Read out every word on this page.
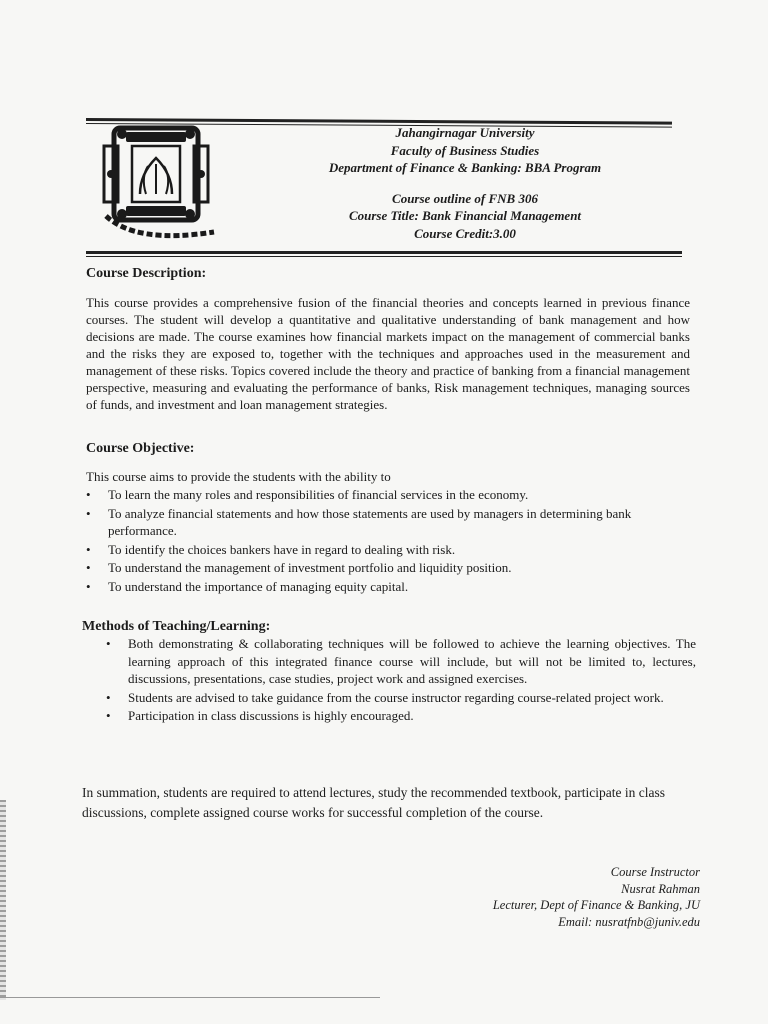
Jahangirnagar University
Faculty of Business Studies
Department of Finance & Banking: BBA Program
Course outline of FNB 306
Course Title: Bank Financial Management
Course Credit:3.00
Course Description:
This course provides a comprehensive fusion of the financial theories and concepts learned in previous finance courses. The student will develop a quantitative and qualitative understanding of bank management and how decisions are made. The course examines how financial markets impact on the management of commercial banks and the risks they are exposed to, together with the techniques and approaches used in the measurement and management of these risks. Topics covered include the theory and practice of banking from a financial management perspective, measuring and evaluating the performance of banks, Risk management techniques, managing sources of funds, and investment and loan management strategies.
Course Objective:
This course aims to provide the students with the ability to
• To learn the many roles and responsibilities of financial services in the economy.
• To analyze financial statements and how those statements are used by managers in determining bank performance.
• To identify the choices bankers have in regard to dealing with risk.
• To understand the management of investment portfolio and liquidity position.
• To understand the importance of managing equity capital.
Methods of Teaching/Learning:
• Both demonstrating & collaborating techniques will be followed to achieve the learning objectives. The learning approach of this integrated finance course will include, but will not be limited to, lectures, discussions, presentations, case studies, project work and assigned exercises.
• Students are advised to take guidance from the course instructor regarding course-related project work.
• Participation in class discussions is highly encouraged.
In summation, students are required to attend lectures, study the recommended textbook, participate in class discussions, complete assigned course works for successful completion of the course.
Course Instructor
Nusrat Rahman
Lecturer, Dept of Finance & Banking, JU
Email: nusratfnb@juniv.edu
